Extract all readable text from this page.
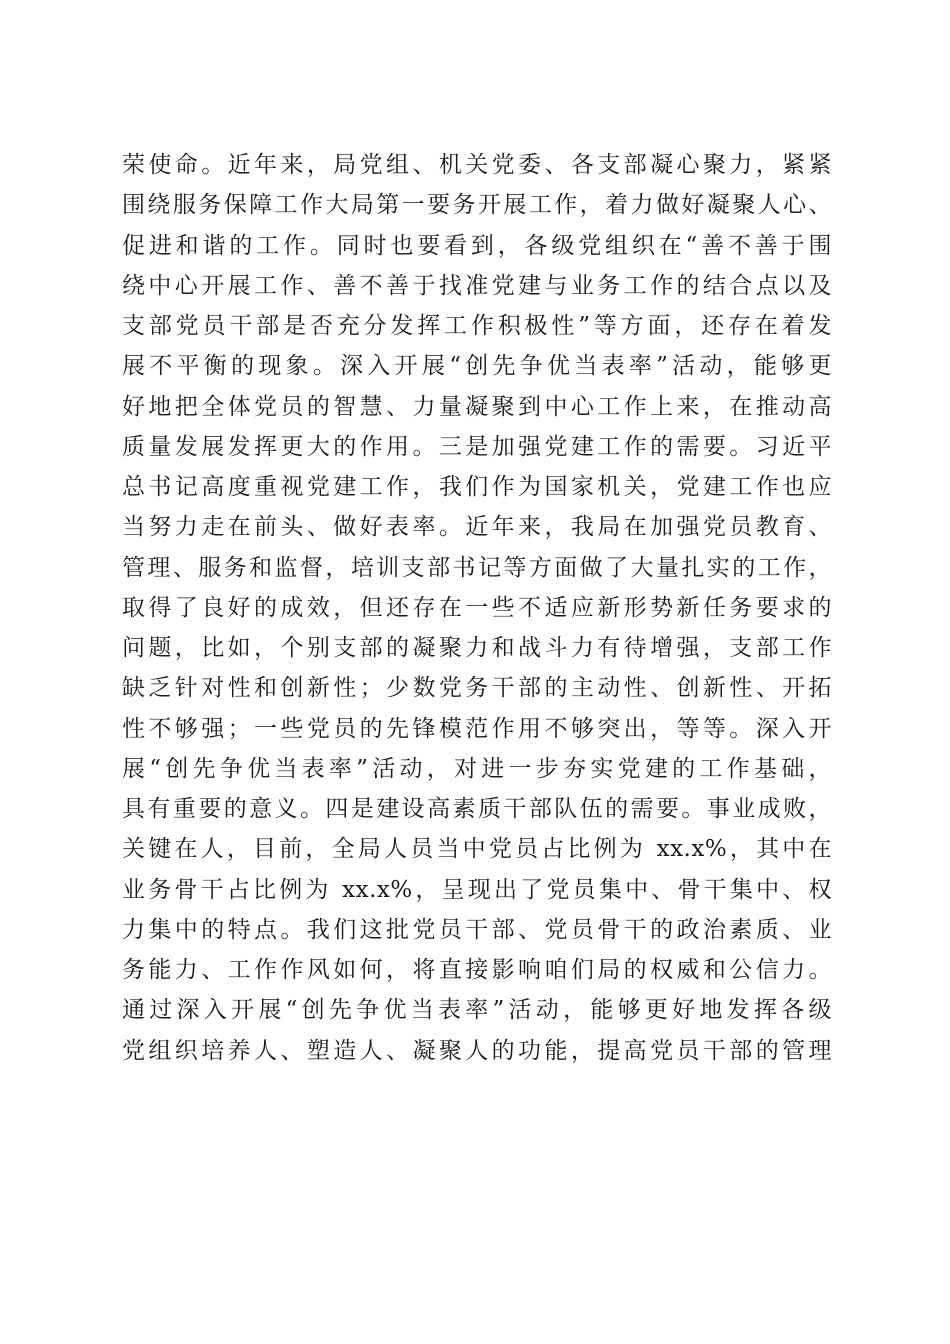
荣使命。近年来，局党组、机关党委、各支部凝心聚力，紧紧
围绕服务保障工作大局第一要务开展工作，着力做好凝聚人心、
促进和谐的工作。同时也要看到，各级党组织在“善不善于围
绕中心开展工作、善不善于找准党建与业务工作的结合点以及
支部党员干部是否充分发挥工作积极性”等方面，还存在着发
展不平衡的现象。深入开展“创先争优当表率”活动，能够更
好地把全体党员的智慧、力量凝聚到中心工作上来，在推动高
质量发展发挥更大的作用。三是加强党建工作的需要。习近平
总书记高度重视党建工作，我们作为国家机关，党建工作也应
当努力走在前头、做好表率。近年来，我局在加强党员教育、
管理、服务和监督，培训支部书记等方面做了大量扎实的工作，
取得了良好的成效，但还存在一些不适应新形势新任务要求的
问题，比如，个别支部的凝聚力和战斗力有待增强，支部工作
缺乏针对性和创新性；少数党务干部的主动性、创新性、开拓
性不够强；一些党员的先锋模范作用不够突出，等等。深入开
展“创先争优当表率”活动，对进一步夯实党建的工作基础，
具有重要的意义。四是建设高素质干部队伍的需要。事业成败，
关键在人，目前，全局人员当中党员占比例为 xx.x%，其中在
业务骨干占比例为 xx.x%，呈现出了党员集中、骨干集中、权
力集中的特点。我们这批党员干部、党员骨干的政治素质、业
务能力、工作作风如何，将直接影响咱们局的权威和公信力。
通过深入开展“创先争优当表率”活动，能够更好地发挥各级
党组织培养人、塑造人、凝聚人的功能，提高党员干部的管理
